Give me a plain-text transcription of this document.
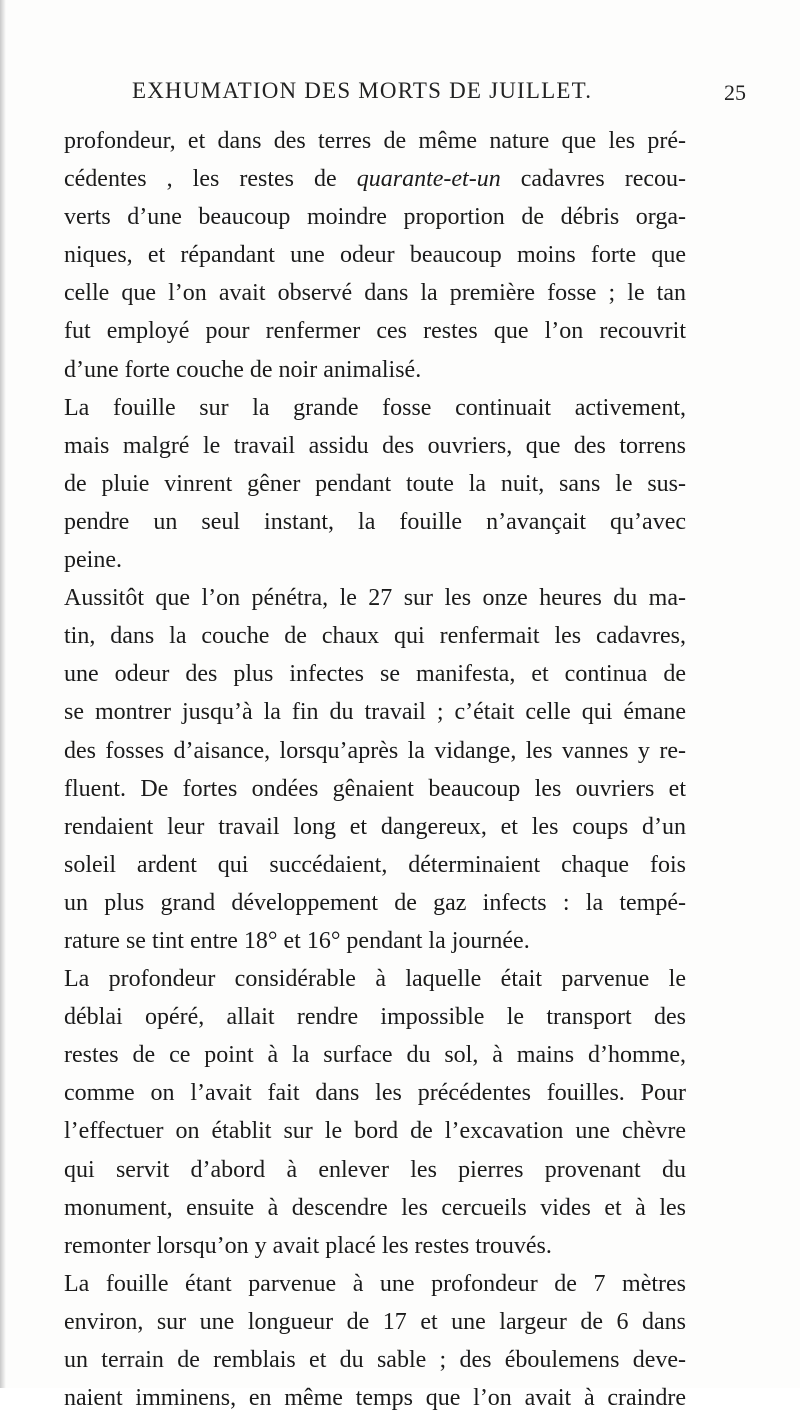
EXHUMATION DES MORTS DE JUILLET.	25
profondeur, et dans des terres de même nature que les pré-
cédentes , les restes de quarante-et-un cadavres recou-
verts d’une beaucoup moindre proportion de débris orga-
niques, et répandant une odeur beaucoup moins forte que
celle que l’on avait observé dans la première fosse ; le tan
fut employé pour renfermer ces restes que l’on recouvrit
d’une forte couche de noir animalisé.
La fouille sur la grande fosse continuait activement,
mais malgré le travail assidu des ouvriers, que des torrens
de pluie vinrent gêner pendant toute la nuit, sans le sus-
pendre un seul instant, la fouille n’avançait qu’avec
peine.
Aussitôt que l’on pénétra, le 27 sur les onze heures du ma-
tin, dans la couche de chaux qui renfermait les cadavres,
une odeur des plus infectes se manifesta, et continua de
se montrer jusqu’à la fin du travail ; c’était celle qui émane
des fosses d’aisance, lorsqu’après la vidange, les vannes y re-
fluent. De fortes ondées gênaient beaucoup les ouvriers et
rendaient leur travail long et dangereux, et les coups d’un
soleil ardent qui succédaient, déterminaient chaque fois
un plus grand développement de gaz infects : la tempé-
rature se tint entre 18° et 16° pendant la journée.
La profondeur considérable à laquelle était parvenue le
déblai opéré, allait rendre impossible le transport des
restes de ce point à la surface du sol, à mains d’homme,
comme on l’avait fait dans les précédentes fouilles. Pour
l’effectuer on établit sur le bord de l’excavation une chèvre
qui servit d’abord à enlever les pierres provenant du
monument, ensuite à descendre les cercueils vides et à les
remonter lorsqu’on y avait placé les restes trouvés.
La fouille étant parvenue à une profondeur de 7 mètres
environ, sur une longueur de 17 et une largeur de 6 dans
un terrain de remblais et du sable ; des éboulemens deve-
naient imminens, en même temps que l’on avait à craindre
